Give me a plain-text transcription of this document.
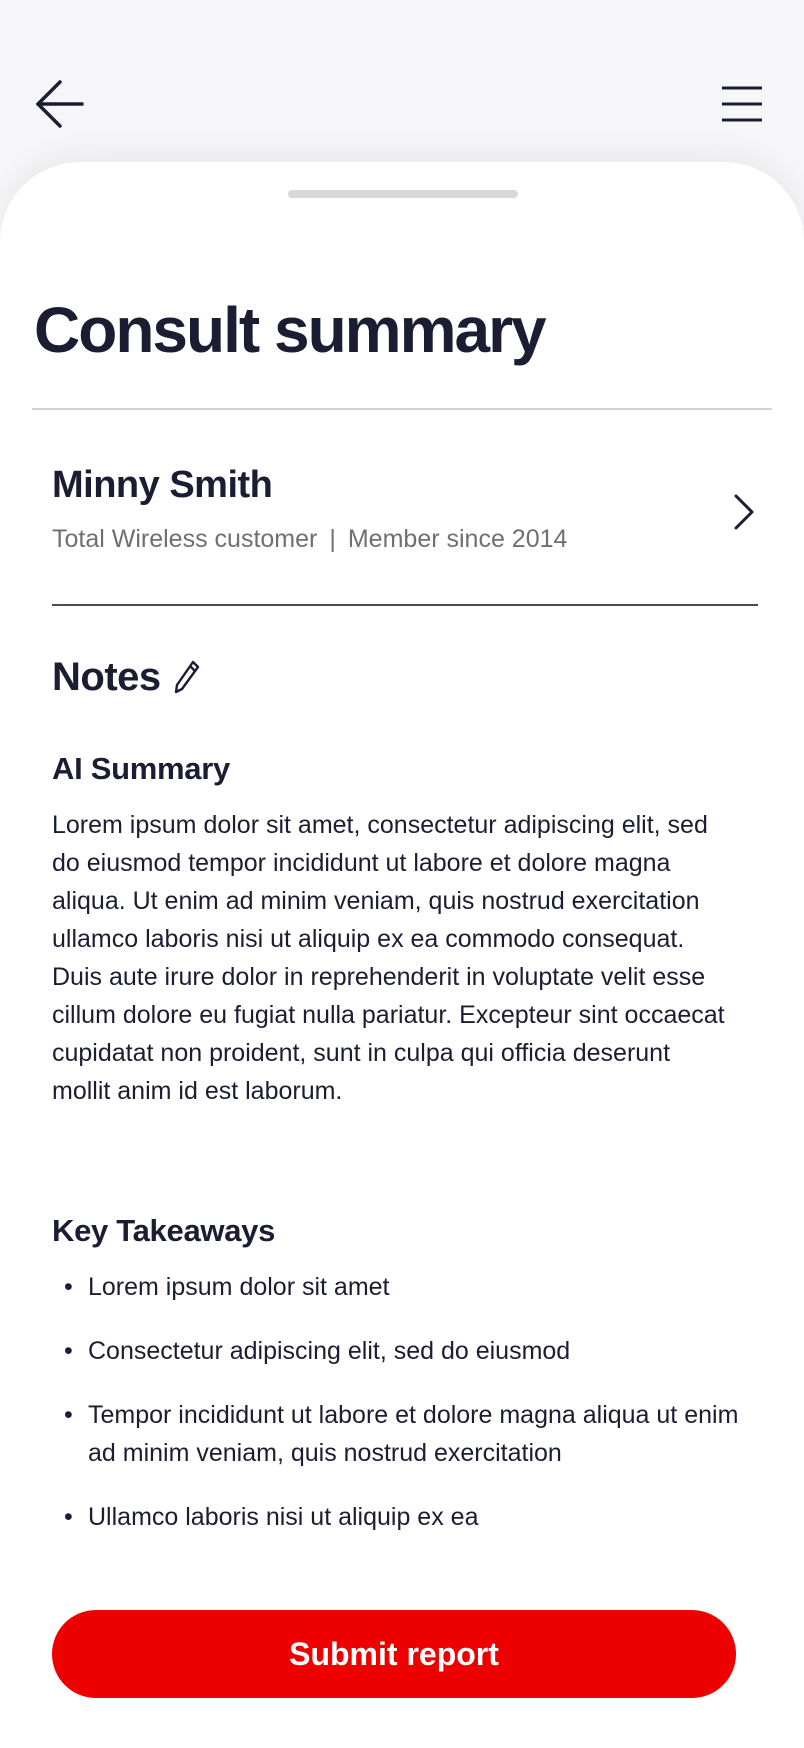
Consult summary
Minny Smith
Total Wireless customer | Member since 2014
Notes
AI Summary

Lorem ipsum dolor sit amet, consectetur adipiscing elit, sed do eiusmod tempor incididunt ut labore et dolore magna aliqua. Ut enim ad minim veniam, quis nostrud exercitation ullamco laboris nisi ut aliquip ex ea commodo consequat. Duis aute irure dolor in reprehenderit in voluptate velit esse cillum dolore eu fugiat nulla pariatur. Excepteur sint occaecat cupidatat non proident, sunt in culpa qui officia deserunt mollit anim id est laborum.

Key Takeaways
• Lorem ipsum dolor sit amet
• Consectetur adipiscing elit, sed do eiusmod
• Tempor incididunt ut labore et dolore magna aliqua ut enim ad minim veniam, quis nostrud exercitation
• Ullamco laboris nisi ut aliquip ex ea
Submit report
